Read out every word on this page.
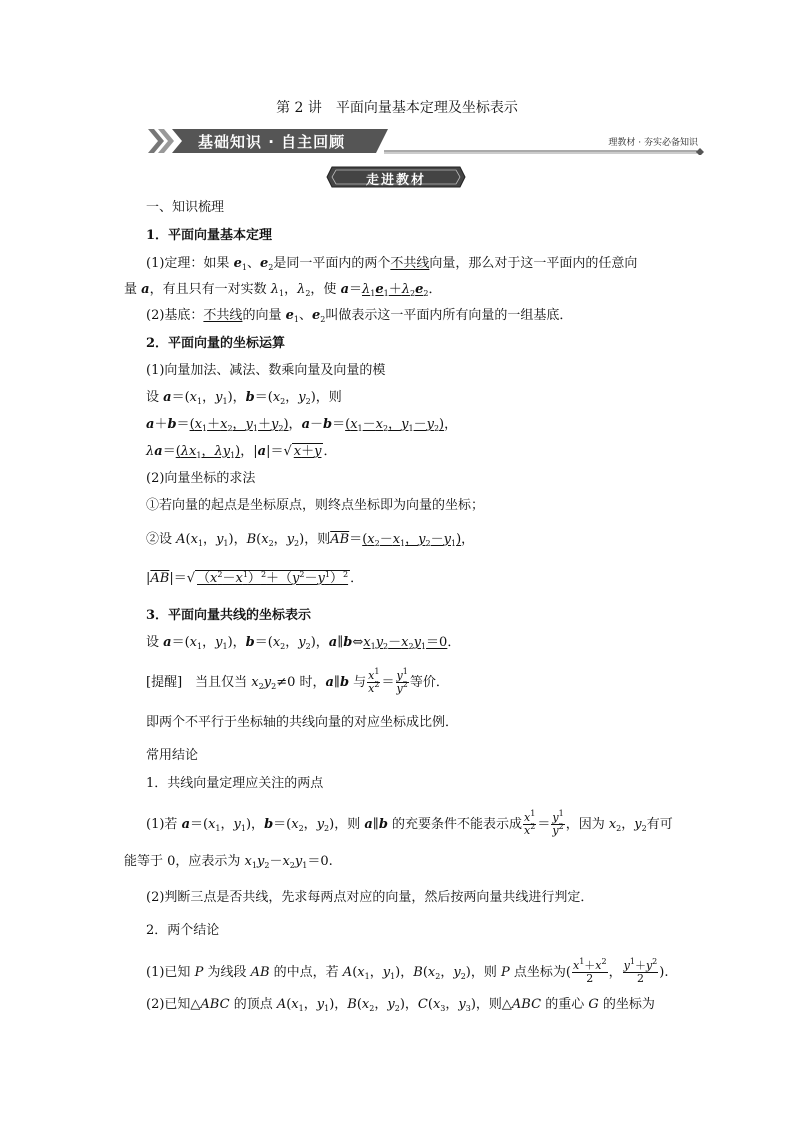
第 2 讲　平面向量基本定理及坐标表示
基础知识 · 自主回顾	理教材 · 夯实必备知识
走进教材
一、知识梳理
1．平面向量基本定理
(1)定理：如果 $e_1$、$e_2$是同一平面内的两个不共线向量，那么对于这一平面内的任意向
量 a，有且只有一对实数 $\lambda_1$，$\lambda_2$，使 $a=\lambda_1e_1+\lambda_2e_2$．
(2)基底：不共线的向量 $e_1$、$e_2$叫做表示这一平面内所有向量的一组基底．
2．平面向量的坐标运算
(1)向量加法、减法、数乘向量及向量的模
设 $a=(x_1$，$y_1$)，$b=(x_2$，$y_2$)，则
$a+b=(x_1+x_2$，$y_1+y_2$)，$a-b=(x_1-x_2$，$y_1-y_2$)，
$\lambda a=(\lambda x_1$，$\lambda y_1$)，|a|＝√ x＋y ．
(2)向量坐标的求法
①若向量的起点是坐标原点，则终点坐标即为向量的坐标；
②设 $A(x_1$，$y_1$)，$B(x_2$，$y_2$)，则$\overline{AB}=(x_2-x_1$，$y_2-y_1$)，
$|\overline{AB}|=√$ $(x^2-x^1)^2+(y^2-y^1)^2$ ．
3．平面向量共线的坐标表示
设 $a=(x_1$，$y_1$)，$b=(x_2$，$y_2$)，$a\parallel b\Leftrightarrow x_1y_2-x_2y_1=0$．
[提醒]　当且仅当 $x_2y_2\ne 0$ 时，a∥b 与 $\frac{x^1}{x^2} = \frac{y^1}{y^2}$ 等价．
即两个不平行于坐标轴的共线向量的对应坐标成比例．
常用结论
1．共线向量定理应关注的两点
(1)若 $a=(x_1$，$y_1$)，$b=(x_2$，$y_2$)，则 a∥b 的充要条件不能表示成 $\frac{x^1}{x^2} = \frac{y^1}{y^2}$ ，因为 $x_2$，$y_2$有可
能等于 0，应表示为 $x_1y_2-x_2y_1=0$.
(2)判断三点是否共线，先求每两点对应的向量，然后按两向量共线进行判定．
2．两个结论
(1)已知 P 为线段 AB 的中点，若 $A(x_1$，$y_1$)，$B(x_2$，$y_2$)，则 P 点坐标为( $\frac{x^1+x^2}{2}$ ， $\frac{y^1+y^2}{2}$ ).
(2)已知△ABC 的顶点 $A(x_1$，$y_1$)，$B(x_2$，$y_2$)，$C(x_3$，$y_3$)，则△ABC 的重心 G 的坐标为
